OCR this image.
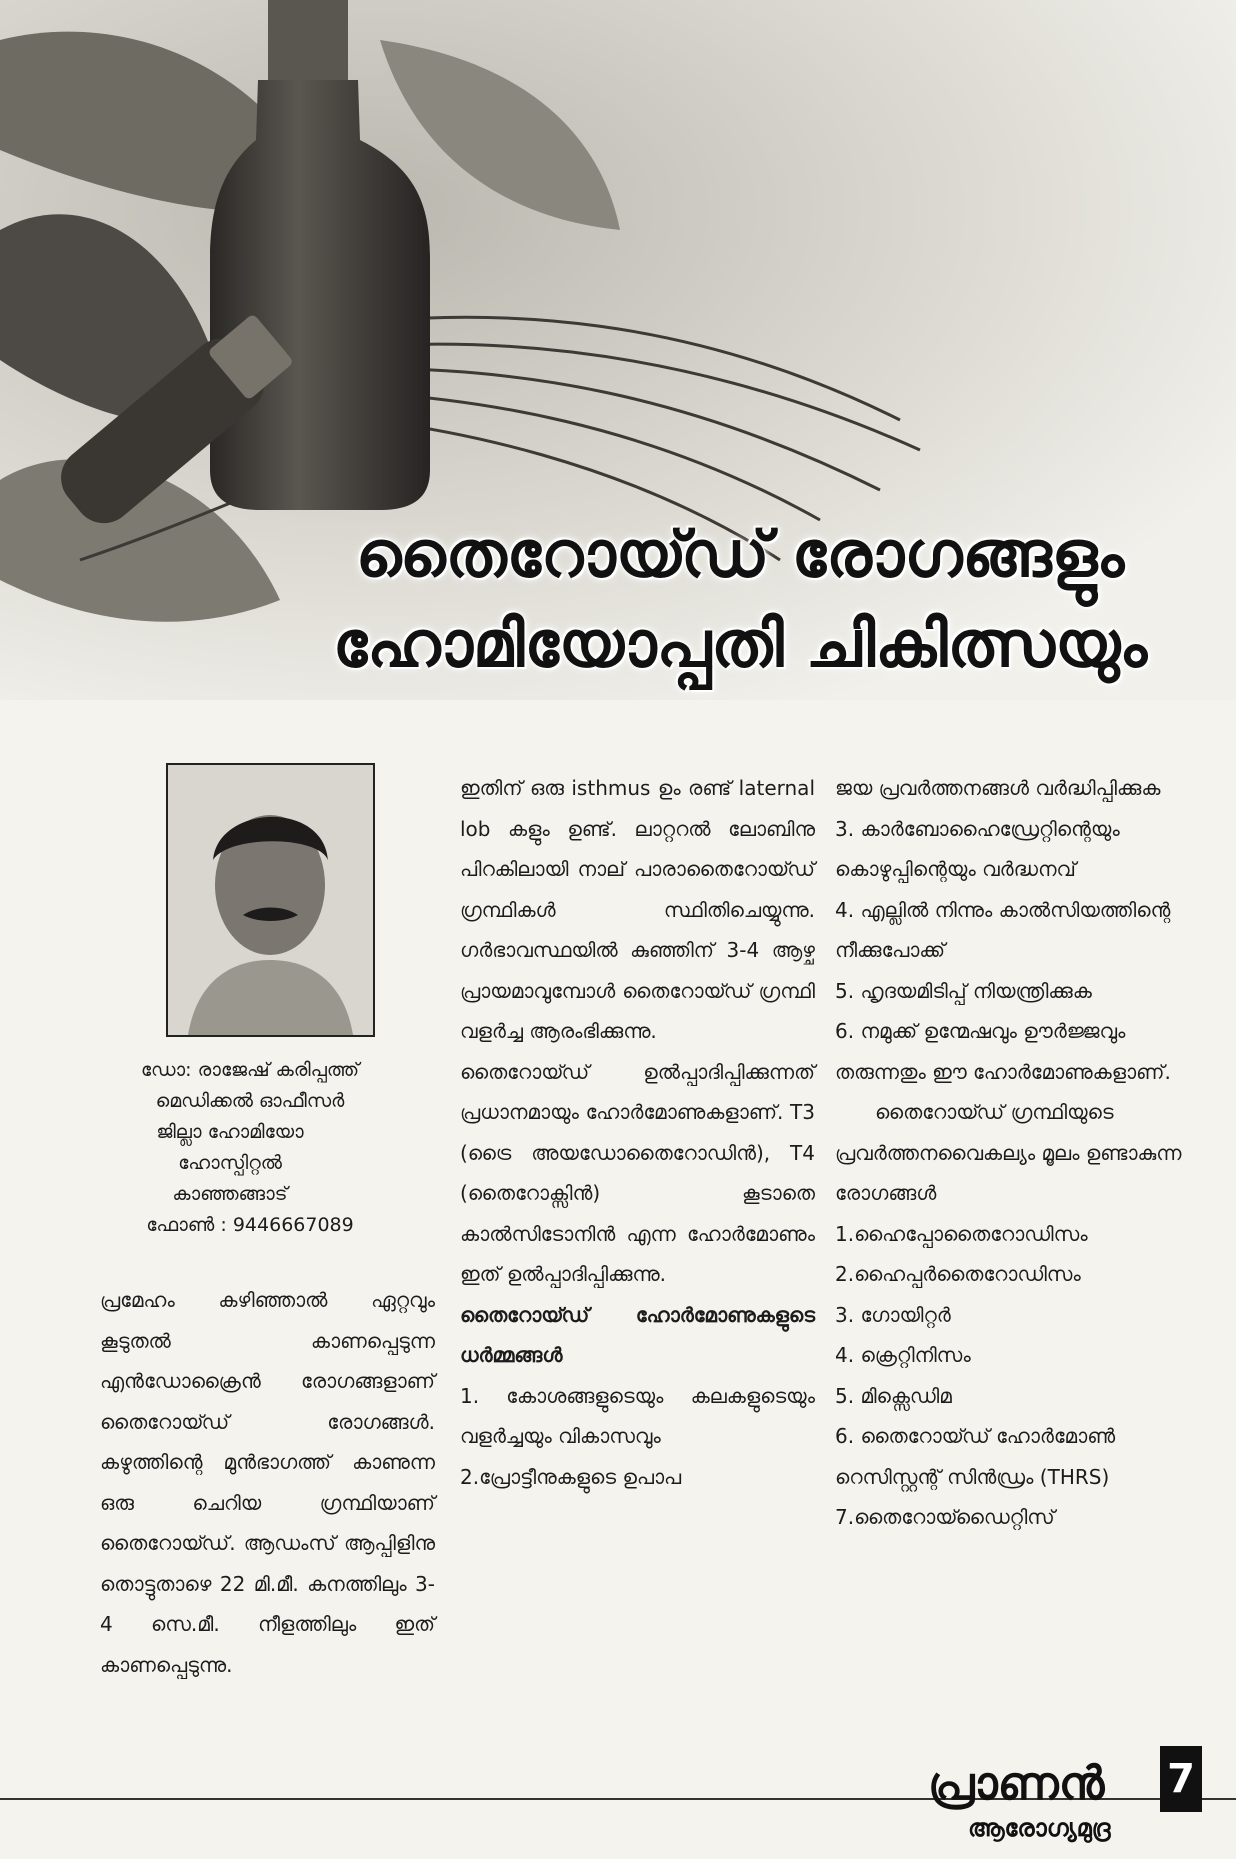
തൈറോയ്ഡ് രോഗങ്ങളും
ഹോമിയോപ്പതി ചികിത്സയും
ഡോ: രാജേഷ് കരിപ്പത്ത്
മെഡിക്കൽ ഓഫീസർ
ജില്ലാ ഹോമിയോ
ഹോസ്പിറ്റൽ
കാഞ്ഞങ്ങാട്
ഫോൺ : 9446667089

പ്രമേഹം കഴിഞ്ഞാൽ ഏറ്റവും കൂടുതൽ കാണപ്പെടുന്ന എൻഡോക്രൈൻ രോഗങ്ങളാണ് തൈറോയ്ഡ് രോഗങ്ങൾ. കഴുത്തിന്റെ മുൻഭാഗത്ത് കാണുന്ന ഒരു ചെറിയ ഗ്രന്ഥിയാണ് തൈറോയ്ഡ്. ആഡംസ് ആപ്പിളിനു തൊട്ടുതാഴെ 22 മി.മീ. കനത്തിലും 3-4 സെ.മീ. നീളത്തിലും ഇത് കാണപ്പെടുന്നു.

ഇതിന് ഒരു isthmus ഉം രണ്ട് laternal lob കളും ഉണ്ട്. ലാറ്ററൽ ലോബിനു പിറകിലായി നാല് പാരാതൈറോയ്ഡ് ഗ്രന്ഥികൾ സ്ഥിതിചെയ്യുന്നു. ഗർഭാവസ്ഥയിൽ കുഞ്ഞിന് 3-4 ആഴ്ച പ്രായമാവുമ്പോൾ തൈറോയ്ഡ് ഗ്രന്ഥി വളർച്ച ആരംഭിക്കുന്നു.

തൈറോയ്ഡ് ഉൽപ്പാദിപ്പിക്കുന്നത് പ്രധാനമായും ഹോർമോണുകളാണ്. T3 (ട്രൈ അയഡോതൈറോഡിൻ), T4 (തൈറോക്സിൻ) കൂടാതെ കാൽസിടോനിൻ എന്ന ഹോർമോണും ഇത് ഉൽപ്പാദിപ്പിക്കുന്നു.

തൈറോയ്ഡ് ഹോർമോണുകളുടെ ധർമ്മങ്ങൾ

1. കോശങ്ങളുടെയും കലകളുടെയും വളർച്ചയും വികാസവും

2.പ്രോട്ടീനുകളുടെ ഉപാപ

ജയ പ്രവർത്തനങ്ങൾ വർദ്ധിപ്പിക്കുക

3. കാർബോഹൈഡ്രേറ്റിന്റെയും കൊഴുപ്പിന്റെയും വർദ്ധനവ്

4. എല്ലിൽ നിന്നും കാൽസിയത്തിന്റെ നീക്കുപോക്ക്

5. ഹൃദയമിടിപ്പ് നിയന്ത്രിക്കുക

6. നമുക്ക് ഉന്മേഷവും ഊർജ്ജവും തരുന്നതും ഈ ഹോർമോണുകളാണ്.

തൈറോയ്ഡ് ഗ്രന്ഥിയുടെ പ്രവർത്തനവൈകല്യം മൂലം ഉണ്ടാകുന്ന രോഗങ്ങൾ

1.ഹൈപ്പോതൈറോഡിസം

2.ഹൈപ്പർതൈറോഡിസം

3. ഗോയിറ്റർ

4. ക്രെറ്റിനിസം

5. മിക്സെഡിമ

6. തൈറോയ്ഡ് ഹോർമോൺ റെസിസ്റ്റന്റ് സിൻഡ്രം (THRS)

7.തൈറോയ്ഡൈറ്റിസ്

പ്രാണൻ
ആരോഗ്യമുദ്ര
7
